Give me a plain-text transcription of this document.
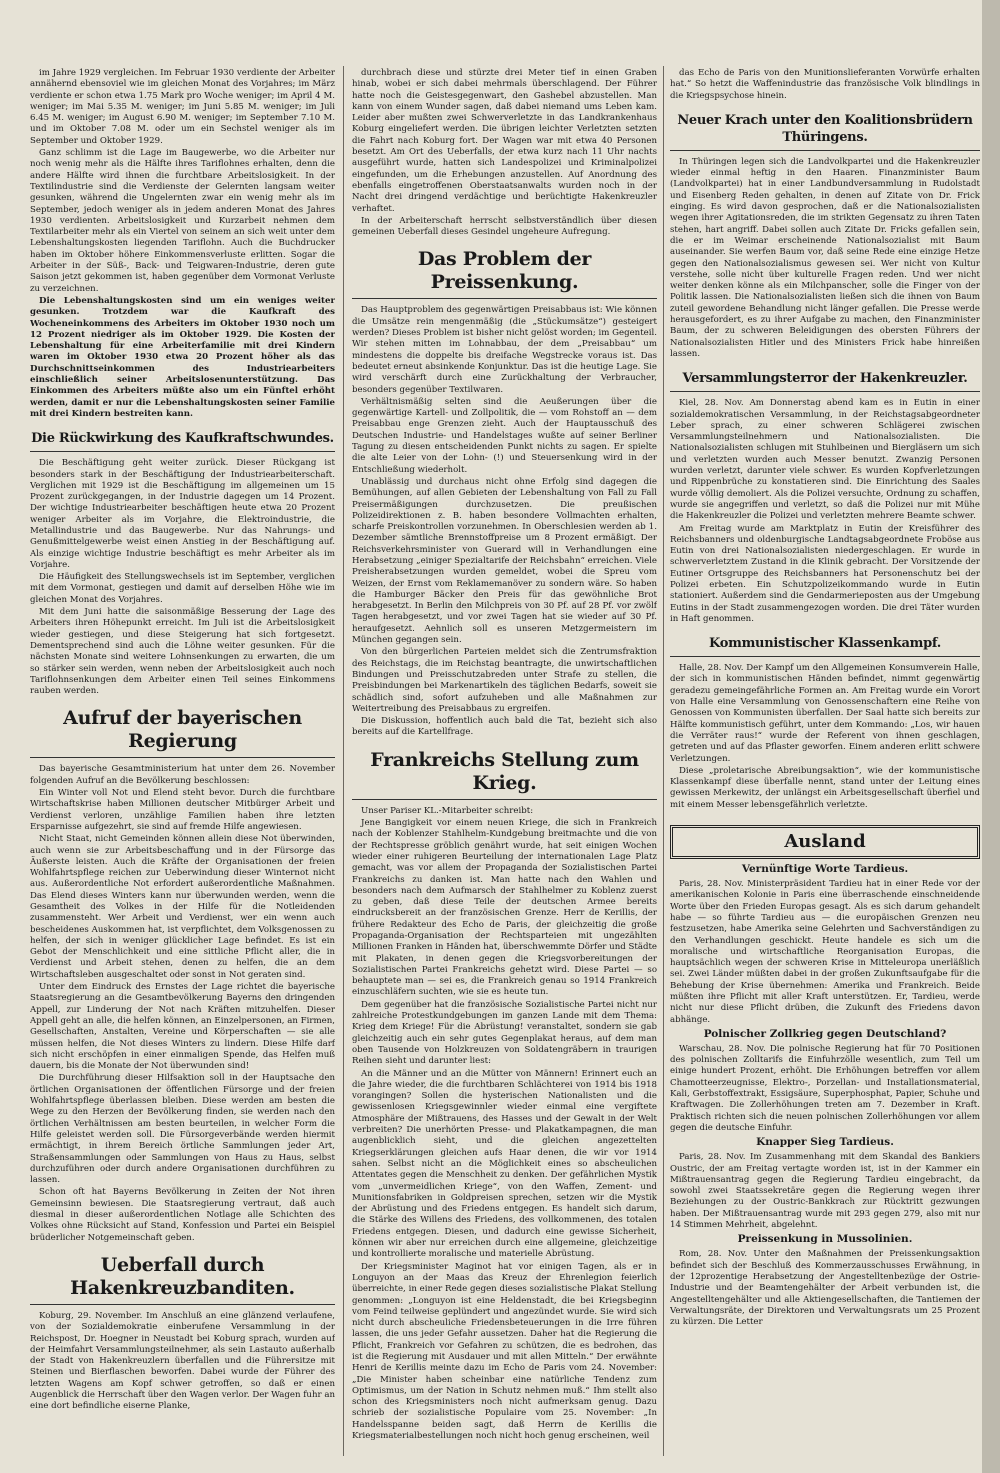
im Jahre 1929 vergleichen. Im Februar 1930 verdiente der Arbeiter annähernd ebensoviel wie im gleichen Monat des Vorjahres; im März verdiente er schon etwa 1.75 Mark pro Woche weniger; im April 4 M. weniger; im Mai 5.35 M. weniger; im Juni 5.85 M. weniger; im Juli 6.45 M. weniger; im August 6.90 M. weniger; im September 7.10 M. und im Oktober 7.08 M. oder um ein Sechstel weniger als im September und Oktober 1929.

Ganz schlimm ist die Lage im Baugewerbe, wo die Arbeiter nur noch wenig mehr als die Hälfte ihres Tariflohnes erhalten, denn die andere Hälfte wird ihnen die furchtbare Arbeitslosigkeit. In der Textilindustrie sind die Verdienste der Gelernten langsam weiter gesunken, während die Ungelernten zwar ein wenig mehr als im September, jedoch weniger als in jedem anderen Monat des Jahres 1930 verdienten. Arbeitslosigkeit und Kurzarbeit nehmen dem Textilarbeiter mehr als ein Viertel von seinem an sich weit unter dem Lebenshaltungskosten liegenden Tariflohn. Auch die Buchdrucker haben im Oktober höhere Einkommensverluste erlitten. Sogar die Arbeiter in der Süß-, Back- und Teigwaren-Industrie, deren gute Saison jetzt gekommen ist, haben gegenüber dem Vormonat Verluste zu verzeichnen.

Die Lebenshaltungskosten sind um ein weniges weiter gesunken. Trotzdem war die Kaufkraft des Wocheneinkommens des Arbeiters im Oktober 1930 noch um 12 Prozent niedriger als im Oktober 1929. Die Kosten der Lebenshaltung für eine Arbeiterfamilie mit drei Kindern waren im Oktober 1930 etwa 20 Prozent höher als das Durchschnittseinkommen des Industriearbeiters einschließlich seiner Arbeitslosenunterstützung. Das Einkommen des Arbeiters müßte also um ein Fünftel erhöht werden, damit er nur die Lebenshaltungskosten seiner Familie mit drei Kindern bestreiten kann.

Die Rückwirkung des Kaufkraftschwundes.

Die Beschäftigung geht weiter zurück. Dieser Rückgang ist besonders stark in der Beschäftigung der Industriearbeiterschaft. Verglichen mit 1929 ist die Beschäftigung im allgemeinen um 15 Prozent zurückgegangen, in der Industrie dagegen um 14 Prozent. Der wichtige Industriearbeiter beschäftigen heute etwa 20 Prozent weniger Arbeiter als im Vorjahre, die Elektroindustrie, die Metallindustrie und das Baugewerbe. Nur das Nahrungs- und Genußmittelgewerbe weist einen Anstieg in der Beschäftigung auf. Als einzige wichtige Industrie beschäftigt es mehr Arbeiter als im Vorjahre.

Die Häufigkeit des Stellungswechsels ist im September, verglichen mit dem Vormonat, gestiegen und damit auf derselben Höhe wie im gleichen Monat des Vorjahres.

Mit dem Juni hatte die saisonmäßige Besserung der Lage des Arbeiters ihren Höhepunkt erreicht. Im Juli ist die Arbeitslosigkeit wieder gestiegen, und diese Steigerung hat sich fortgesetzt. Dementsprechend sind auch die Löhne weiter gesunken. Für die nächsten Monate sind weitere Lohnsenkungen zu erwarten, die um so stärker sein werden, wenn neben der Arbeitslosigkeit auch noch Tariflohnsenkungen dem Arbeiter einen Teil seines Einkommens rauben werden.

Aufruf der bayerischen Regierung

Das bayerische Gesamtministerium hat unter dem 26. November folgenden Aufruf an die Bevölkerung beschlossen:

Ein Winter voll Not und Elend steht bevor. Durch die furchtbare Wirtschaftskrise haben Millionen deutscher Mitbürger Arbeit und Verdienst verloren, unzählige Familien haben ihre letzten Ersparnisse aufgezehrt, sie sind auf fremde Hilfe angewiesen.

Nicht Staat, nicht Gemeinden können allein diese Not überwinden, auch wenn sie zur Arbeitsbeschaffung und in der Fürsorge das Äußerste leisten. Auch die Kräfte der Organisationen der freien Wohlfahrtspflege reichen zur Ueberwindung dieser Winternot nicht aus. Außerordentliche Not erfordert außerordentliche Maßnahmen. Das Elend dieses Winters kann nur überwunden werden, wenn die Gesamtheit des Volkes in der Hilfe für die Notleidenden zusammensteht. Wer Arbeit und Verdienst, wer ein wenn auch bescheidenes Auskommen hat, ist verpflichtet, dem Volksgenossen zu helfen, der sich in weniger glücklicher Lage befindet. Es ist ein Gebot der Menschlichkeit und eine sittliche Pflicht aller, die in Verdienst und Arbeit stehen, denen zu helfen, die an dem Wirtschaftsleben ausgeschaltet oder sonst in Not geraten sind.

Unter dem Eindruck des Ernstes der Lage richtet die bayerische Staatsregierung an die Gesamtbevölkerung Bayerns den dringenden Appell, zur Linderung der Not nach Kräften mitzuhelfen. Dieser Appell geht an alle, die helfen können, an Einzelpersonen, an Firmen, Gesellschaften, Anstalten, Vereine und Körperschaften — sie alle müssen helfen, die Not dieses Winters zu lindern. Diese Hilfe darf sich nicht erschöpfen in einer einmaligen Spende, das Helfen muß dauern, bis die Monate der Not überwunden sind!

Die Durchführung dieser Hilfsaktion soll in der Hauptsache den örtlichen Organisationen der öffentlichen Fürsorge und der freien Wohlfahrtspflege überlassen bleiben. Diese werden am besten die Wege zu den Herzen der Bevölkerung finden, sie werden nach den örtlichen Verhältnissen am besten beurteilen, in welcher Form die Hilfe geleistet werden soll. Die Fürsorgeverbände werden hiermit ermächtigt, in ihrem Bereich örtliche Sammlungen jeder Art, Straßensammlungen oder Sammlungen von Haus zu Haus, selbst durchzuführen oder durch andere Organisationen durchführen zu lassen.

Schon oft hat Bayerns Bevölkerung in Zeiten der Not ihren Gemeinsinn bewiesen. Die Staatsregierung vertraut, daß auch diesmal in dieser außerordentlichen Notlage alle Schichten des Volkes ohne Rücksicht auf Stand, Konfession und Partei ein Beispiel brüderlicher Notgemeinschaft geben.

Ueberfall durch Hakenkreuzbanditen.

Koburg, 29. November. Im Anschluß an eine glänzend verlaufene, von der Sozialdemokratie einberufene Versammlung in der Reichspost, Dr. Hoegner in Neustadt bei Koburg sprach, wurden auf der Heimfahrt Versammlungsteilnehmer, als sein Lastauto außerhalb der Stadt von Hakenkreuzlern überfallen und die Führersitze mit Steinen und Bierflaschen beworfen. Dabei wurde der Führer des letzten Wagens am Kopf schwer getroffen, so daß er einen Augenblick die Herrschaft über den Wagen verlor. Der Wagen fuhr an eine dort befindliche eiserne Planke,

durchbrach diese und stürzte drei Meter tief in einen Graben hinab, wobei er sich dabei mehrmals überschlagend. Der Führer hatte noch die Geistesgegenwart, den Gashebel abzustellen. Man kann von einem Wunder sagen, daß dabei niemand ums Leben kam. Leider aber mußten zwei Schwerverletzte in das Landkrankenhaus Koburg eingeliefert werden. Die übrigen leichter Verletzten setzten die Fahrt nach Koburg fort. Der Wagen war mit etwa 40 Personen besetzt. Am Ort des Ueberfalls, der etwa kurz nach 11 Uhr nachts ausgeführt wurde, hatten sich Landespolizei und Kriminalpolizei eingefunden, um die Erhebungen anzustellen. Auf Anordnung des ebenfalls eingetroffenen Oberstaatsanwalts wurden noch in der Nacht drei dringend verdächtige und berüchtigte Hakenkreuzler verhaftet.

In der Arbeiterschaft herrscht selbstverständlich über diesen gemeinen Ueberfall dieses Gesindel ungeheure Aufregung.

Das Problem der Preissenkung.

Das Hauptproblem des gegenwärtigen Preisabbaus ist: Wie können die Umsätze rein mengenmäßig (die „Stückumsätze“) gesteigert werden? Dieses Problem ist bisher nicht gelöst worden; im Gegenteil. Wir stehen mitten im Lohnabbau, der dem „Preisabbau“ um mindestens die doppelte bis dreifache Wegstrecke voraus ist. Das bedeutet erneut absinkende Konjunktur. Das ist die heutige Lage. Sie wird verschärft durch eine Zurückhaltung der Verbraucher, besonders gegenüber Textilwaren.

Verhältnismäßig selten sind die Aeußerungen über die gegenwärtige Kartell- und Zollpolitik, die — vom Rohstoff an — dem Preisabbau enge Grenzen zieht. Auch der Hauptausschuß des Deutschen Industrie- und Handelstages wußte auf seiner Berliner Tagung zu diesen entscheidenden Punkt nichts zu sagen. Er spielte die alte Leier von der Lohn- (!) und Steuersenkung wird in der Entschließung wiederholt.

Unablässig und durchaus nicht ohne Erfolg sind dagegen die Bemühungen, auf allen Gebieten der Lebenshaltung von Fall zu Fall Preisermäßigungen durchzusetzen. Die preußischen Polizeidirektionen z. B. haben besondere Vollmachten erhalten, scharfe Preiskontrollen vorzunehmen. In Oberschlesien werden ab 1. Dezember sämtliche Brennstoffpreise um 8 Prozent ermäßigt. Der Reichsverkehrsminister von Guerard will in Verhandlungen eine Herabsetzung „einiger Spezialtarife der Reichsbahn“ erreichen. Viele Preisherabsetzungen wurden gemeldet, wobei die Spreu vom Weizen, der Ernst vom Reklamemanöver zu sondern wäre. So haben die Hamburger Bäcker den Preis für das gewöhnliche Brot herabgesetzt. In Berlin den Milchpreis von 30 Pf. auf 28 Pf. vor zwölf Tagen herabgesetzt, und vor zwei Tagen hat sie wieder auf 30 Pf. heraufgesetzt. Aehnlich soll es unseren Metzgermeistern im München gegangen sein.

Von den bürgerlichen Parteien meldet sich die Zentrumsfraktion des Reichstags, die im Reichstag beantragte, die unwirtschaftlichen Bindungen und Preisschutzabreden unter Strafe zu stellen, die Preisbindungen bei Markenartikeln des täglichen Bedarfs, soweit sie schädlich sind, sofort aufzuheben und alle Maßnahmen zur Weitertreibung des Preisabbaus zu ergreifen.

Die Diskussion, hoffentlich auch bald die Tat, bezieht sich also bereits auf die Kartellfrage.

Frankreichs Stellung zum Krieg.

Unser Pariser KL.-Mitarbeiter schreibt:

Jene Bangigkeit vor einem neuen Kriege, die sich in Frankreich nach der Koblenzer Stahlhelm-Kundgebung breitmachte und die von der Rechtspresse gröblich genährt wurde, hat seit einigen Wochen wieder einer ruhigeren Beurteilung der internationalen Lage Platz gemacht, was vor allem der Propaganda der Sozialistischen Partei Frankreichs zu danken ist. Man hatte nach den Wahlen und besonders nach dem Aufmarsch der Stahlhelmer zu Koblenz zuerst zu geben, daß diese Teile der deutschen Armee bereits eindrucksbereit an der französischen Grenze. Herr de Kerillis, der frühere Redakteur des Echo de Paris, der gleichzeitig die große Propaganda-Organisation der Rechtsparteien mit ungezählten Millionen Franken in Händen hat, überschwemmte Dörfer und Städte mit Plakaten, in denen gegen die Kriegsvorbereitungen der Sozialistischen Partei Frankreichs gehetzt wird. Diese Partei — so behauptete man — sei es, die Frankreich genau so 1914 Frankreich einzuschläfern suchten, wie sie es heute tun.

Dem gegenüber hat die französische Sozialistische Partei nicht nur zahlreiche Protestkundgebungen im ganzen Lande mit dem Thema: Krieg dem Kriege! Für die Abrüstung! veranstaltet, sondern sie gab gleichzeitig auch ein sehr gutes Gegenplakat heraus, auf dem man oben Tausende von Holzkreuzen von Soldatengräbern in traurigen Reihen sieht und darunter liest:

An die Männer und an die Mütter von Männern! Erinnert euch an die Jahre wieder, die die furchtbaren Schlächterei von 1914 bis 1918 vorangingen? Sollen die hysterischen Nationalisten und die gewissenlosen Kriegsgewinnler wieder einmal eine vergiftete Atmosphäre der Mißtrauens, des Hasses und der Gewalt in der Welt verbreiten? Die unerhörten Presse- und Plakatkampagnen, die man augenblicklich sieht, und die gleichen angezettelten Kriegserklärungen gleichen aufs Haar denen, die wir vor 1914 sahen. Selbst nicht an die Möglichkeit eines so abscheulichen Attentates gegen die Menschheit zu denken. Der gefährlichen Mystik vom „unvermeidlichen Kriege“, von den Waffen, Zement- und Munitionsfabriken in Goldpreisen sprechen, setzen wir die Mystik der Abrüstung und des Friedens entgegen. Es handelt sich darum, die Stärke des Willens des Friedens, des vollkommenen, des totalen Friedens entgegen. Diesen, und dadurch eine gewisse Sicherheit, können wir aber nur erreichen durch eine allgemeine, gleichzeitige und kontrollierte moralische und materielle Abrüstung.

Der Kriegsminister Maginot hat vor einigen Tagen, als er in Longuyon an der Maas das Kreuz der Ehrenlegion feierlich überreichte, in einer Rede gegen dieses sozialistische Plakat Stellung genommen: „Longuyon ist eine Heldenstadt, die bei Kriegsbeginn vom Feind teilweise geplündert und angezündet wurde. Sie wird sich nicht durch abscheuliche Friedensbeteuerungen in die Irre führen lassen, die uns jeder Gefahr aussetzen. Daher hat die Regierung die Pflicht, Frankreich vor Gefahren zu schützen, die es bedrohen, das ist die Regierung mit Ausdauer und mit allen Mitteln.“ Der erwähnte Henri de Kerillis meinte dazu im Echo de Paris vom 24. November: „Die Minister haben scheinbar eine natürliche Tendenz zum Optimismus, um der Nation in Schutz nehmen muß.“ Ihm stellt also schon des Kriegsministers noch nicht aufmerksam genug. Dazu schrieb der sozialistische Populaire vom 25. November: „In Handelsspanne beiden sagt, daß Herrn de Kerillis die Kriegsmaterialbestellungen noch nicht hoch genug erscheinen, weil

das Echo de Paris von den Munitionslieferanten Vorwürfe erhalten hat.“ So hetzt die Waffenindustrie das französische Volk blindlings in die Kriegspsychose hinein.

Neuer Krach unter den Koalitionsbrüdern Thüringens.

In Thüringen legen sich die Landvolkpartei und die Hakenkreuzler wieder einmal heftig in den Haaren. Finanzminister Baum (Landvolkpartei) hat in einer Landbundversammlung in Rudolstadt und Eisenberg Reden gehalten, in denen auf Zitate von Dr. Frick einging. Es wird davon gesprochen, daß er die Nationalsozialisten wegen ihrer Agitationsreden, die im strikten Gegensatz zu ihren Taten stehen, hart angriff. Dabei sollen auch Zitate Dr. Fricks gefallen sein, die er im Weimar erscheinende Nationalsozialist mit Baum auseinander. Sie werfen Baum vor, daß seine Rede eine einzige Hetze gegen den Nationalsozialismus gewesen sei. Wer nicht von Kultur verstehe, solle nicht über kulturelle Fragen reden. Und wer nicht weiter denken könne als ein Milchpanscher, solle die Finger von der Politik lassen. Die Nationalsozialisten ließen sich die ihnen von Baum zuteil gewordene Behandlung nicht länger gefallen. Die Presse werde herausgefordert, es zu ihrer Aufgabe zu machen, den Finanzminister Baum, der zu schweren Beleidigungen des obersten Führers der Nationalsozialisten Hitler und des Ministers Frick habe hinreißen lassen.

Versammlungsterror der Hakenkreuzler.

Kiel, 28. Nov. Am Donnerstag abend kam es in Eutin in einer sozialdemokratischen Versammlung, in der Reichstagsabgeordneter Leber sprach, zu einer schweren Schlägerei zwischen Versammlungsteilnehmern und Nationalsozialisten. Die Nationalsozialisten schlugen mit Stuhlbeinen und Biergläsern um sich und verletzten wurden auch Messer benutzt. Zwanzig Personen wurden verletzt, darunter viele schwer. Es wurden Kopfverletzungen und Rippenbrüche zu konstatieren sind. Die Einrichtung des Saales wurde völlig demoliert. Als die Polizei versuchte, Ordnung zu schaffen, wurde sie angegriffen und verletzt, so daß die Polizei nur mit Mühe die Hakenkreuzler die Polizei und verletzten mehrere Beamte schwer.

Am Freitag wurde am Marktplatz in Eutin der Kreisführer des Reichsbanners und oldenburgische Landtagsabgeordnete Froböse aus Eutin von drei Nationalsozialisten niedergeschlagen. Er wurde in schwerverletztem Zustand in die Klinik gebracht. Der Vorsitzende der Eutiner Ortsgruppe des Reichsbanners hat Personenschutz bei der Polizei erbeten. Ein Schutzpolizeikommando wurde in Eutin stationiert. Außerdem sind die Gendarmerieposten aus der Umgebung Eutins in der Stadt zusammengezogen worden. Die drei Täter wurden in Haft genommen.

Kommunistischer Klassenkampf.

Halle, 28. Nov. Der Kampf um den Allgemeinen Konsumverein Halle, der sich in kommunistischen Händen befindet, nimmt gegenwärtig geradezu gemeingefährliche Formen an. Am Freitag wurde ein Vorort von Halle eine Versammlung von Genossenschaftern eine Reihe von Genossen von Kommunisten überfallen. Der Saal hatte sich bereits zur Hälfte kommunistisch geführt, unter dem Kommando: „Los, wir hauen die Verräter raus!“ wurde der Referent von ihnen geschlagen, getreten und auf das Pflaster geworfen. Einem anderen erlitt schwere Verletzungen.

Diese „proletarische Abreibungsaktion“, wie der kommunistische Klassenkampf diese überfalle nennt, stand unter der Leitung eines gewissen Merkewitz, der unlängst ein Arbeitsgesellschaft überfiel und mit einem Messer lebensgefährlich verletzte.

Ausland
Vernünftige Worte Tardieus.

Paris, 28. Nov. Ministerpräsident Tardieu hat in einer Rede vor der amerikanischen Kolonie in Paris eine überraschende einschneidende Worte über den Frieden Europas gesagt. Als es sich darum gehandelt habe — so führte Tardieu aus — die europäischen Grenzen neu festzusetzen, habe Amerika seine Gelehrten und Sachverständigen zu den Verhandlungen geschickt. Heute handele es sich um die moralische und wirtschaftliche Reorganisation Europas, die hauptsächlich wegen der schweren Krise in Mitteleuropa unerläßlich sei. Zwei Länder müßten dabei in der großen Zukunftsaufgabe für die Behebung der Krise übernehmen: Amerika und Frankreich. Beide müßten ihre Pflicht mit aller Kraft unterstützen. Er, Tardieu, werde nicht nur diese Pflicht drüben, die Zukunft des Friedens davon abhänge.

Polnischer Zollkrieg gegen Deutschland?

Warschau, 28. Nov. Die polnische Regierung hat für 70 Positionen des polnischen Zolltarifs die Einfuhrzölle wesentlich, zum Teil um einige hundert Prozent, erhöht. Die Erhöhungen betreffen vor allem Chamotteerzeugnisse, Elektro-, Porzellan- und Installationsmaterial, Kali, Gerbstoffextrakt, Essigsäure, Superphosphat, Papier, Schuhe und Kraftwagen. Die Zollerhöhungen treten am 7. Dezember in Kraft. Praktisch richten sich die neuen polnischen Zollerhöhungen vor allem gegen die deutsche Einfuhr.

Knapper Sieg Tardieus.

Paris, 28. Nov. Im Zusammenhang mit dem Skandal des Bankiers Oustric, der am Freitag vertagte worden ist, ist in der Kammer ein Mißtrauensantrag gegen die Regierung Tardieu eingebracht, da sowohl zwei Staatssekretäre gegen die Regierung wegen ihrer Beziehungen zu der Oustric-Bankkrach zur Rücktritt gezwungen haben. Der Mißtrauensantrag wurde mit 293 gegen 279, also mit nur 14 Stimmen Mehrheit, abgelehnt.

Preissenkung in Mussolinien.

Rom, 28. Nov. Unter den Maßnahmen der Preissenkungsaktion befindet sich der Beschluß des Kommerzausschusses Erwähnung, in der 12prozentige Herabsetzung der Angestelltenbezüge der Ostrie-Industrie und der Beamtengehälter der Arbeit verbunden ist, die Angestelltengehälter und alle Aktiengesellschaften, die Tantiemen der Verwaltungsräte, der Direktoren und Verwaltungsrats um 25 Prozent zu kürzen. Die Letter
